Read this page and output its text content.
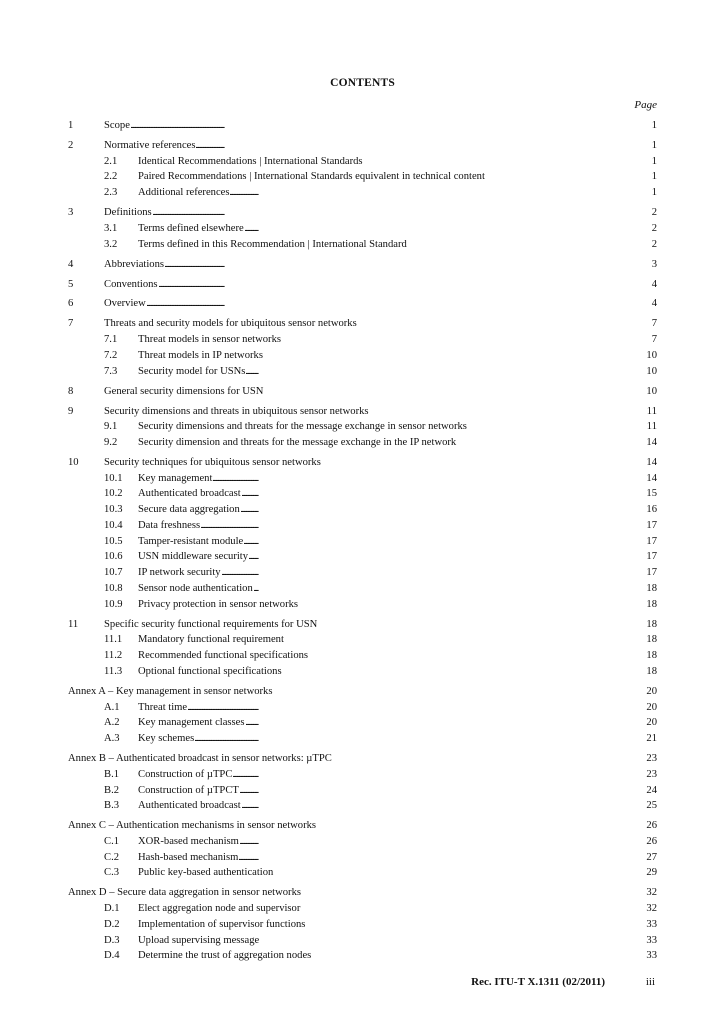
CONTENTS
Page
1	Scope . . .	1
2	Normative references . . .	1
2.1 Identical Recommendations | International Standards . . .	1
2.2 Paired Recommendations | International Standards equivalent in technical content . . .	1
2.3 Additional references . . .	1
3	Definitions . . .	2
3.1 Terms defined elsewhere . . .	2
3.2 Terms defined in this Recommendation | International Standard . . .	2
4	Abbreviations . . .	3
5	Conventions . . .	4
6	Overview . . .	4
7	Threats and security models for ubiquitous sensor networks . . .	7
7.1 Threat models in sensor networks . . .	7
7.2 Threat models in IP networks . . .	10
7.3 Security model for USNs . . .	10
8	General security dimensions for USN . . .	10
9	Security dimensions and threats in ubiquitous sensor networks . . .	11
9.1 Security dimensions and threats for the message exchange in sensor networks . . .	11
9.2 Security dimension and threats for the message exchange in the IP network . . .	14
10 Security techniques for ubiquitous sensor networks . . .	14
10.1 Key management . . .	14
10.2 Authenticated broadcast . . .	15
10.3 Secure data aggregation . . .	16
10.4 Data freshness . . .	17
10.5 Tamper-resistant module . . .	17
10.6 USN middleware security . . .	17
10.7 IP network security . . .	17
10.8 Sensor node authentication . . .	18
10.9 Privacy protection in sensor networks . . .	18
11 Specific security functional requirements for USN . . .	18
11.1 Mandatory functional requirement . . .	18
11.2 Recommended functional specifications . . .	18
11.3 Optional functional specifications . . .	18
Annex A – Key management in sensor networks . . .	20
A.1 Threat time . . .	20
A.2 Key management classes . . .	20
A.3 Key schemes . . .	21
Annex B – Authenticated broadcast in sensor networks: µTPC . . .	23
B.1 Construction of µTPC . . .	23
B.2 Construction of µTPCT . . .	24
B.3 Authenticated broadcast . . .	25
Annex C – Authentication mechanisms in sensor networks . . .	26
C.1 XOR-based mechanism . . .	26
C.2 Hash-based mechanism . . .	27
C.3 Public key-based authentication . . .	29
Annex D – Secure data aggregation in sensor networks . . .	32
D.1 Elect aggregation node and supervisor . . .	32
D.2 Implementation of supervisor functions . . .	33
D.3 Upload supervising message . . .	33
D.4 Determine the trust of aggregation nodes . . .	33
Rec. ITU-T X.1311 (02/2011)	iii
